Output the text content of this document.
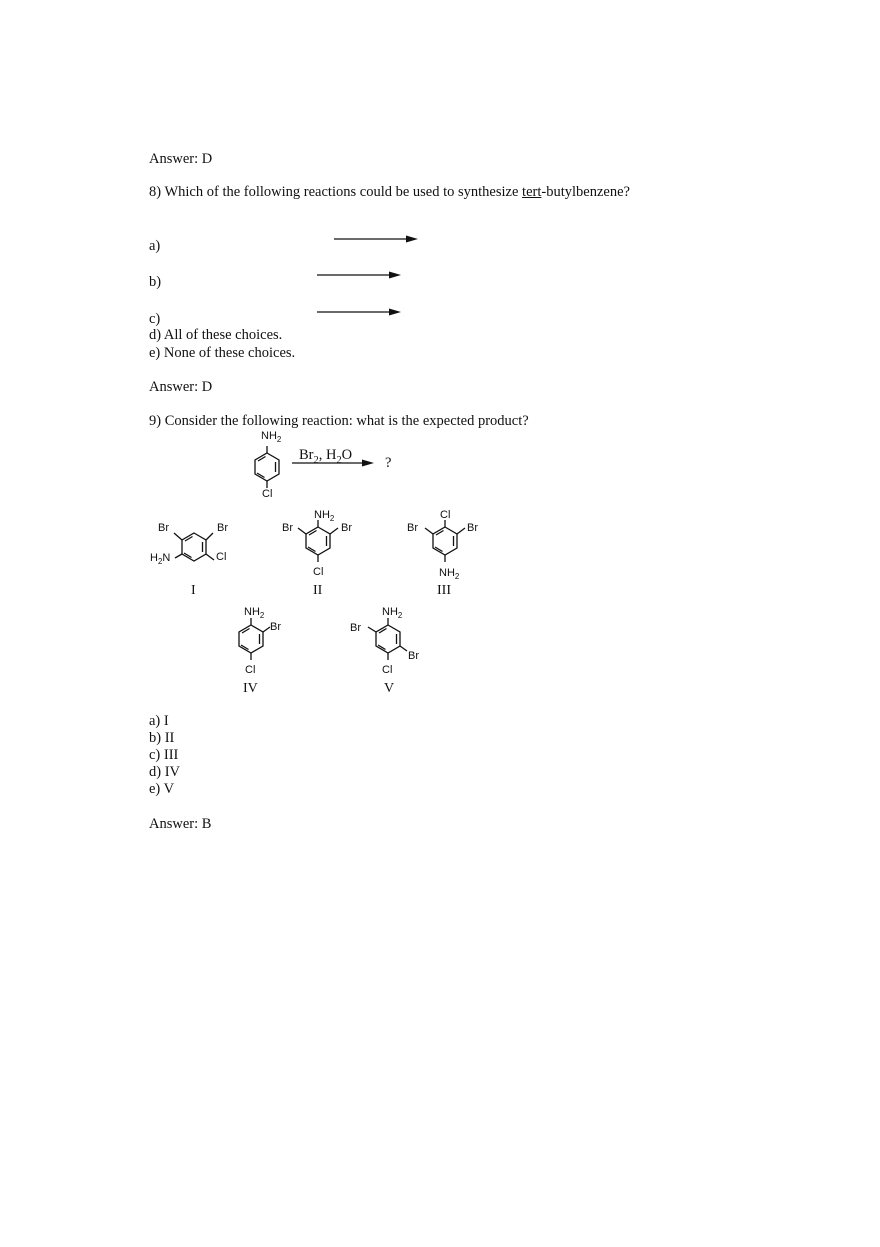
Answer: D
8) Which of the following reactions could be used to synthesize tert-butylbenzene?
a)
b)
c)
d) All of these choices.
e) None of these choices.
Answer: D
9) Consider the following reaction: what is the expected product?
$NH_2$
Cl
$Br_2$, $H_2O$ ?
Br	Br
$H_2N$	Cl
I
$NH_2$
Br	Br
Cl
II
Cl
Br	Br
$NH_2$
III
$NH_2$
Br
Cl
IV
$NH_2$
Br
Br
Cl
V
a) I
b) II
c) III
d) IV
e) V
Answer: B
